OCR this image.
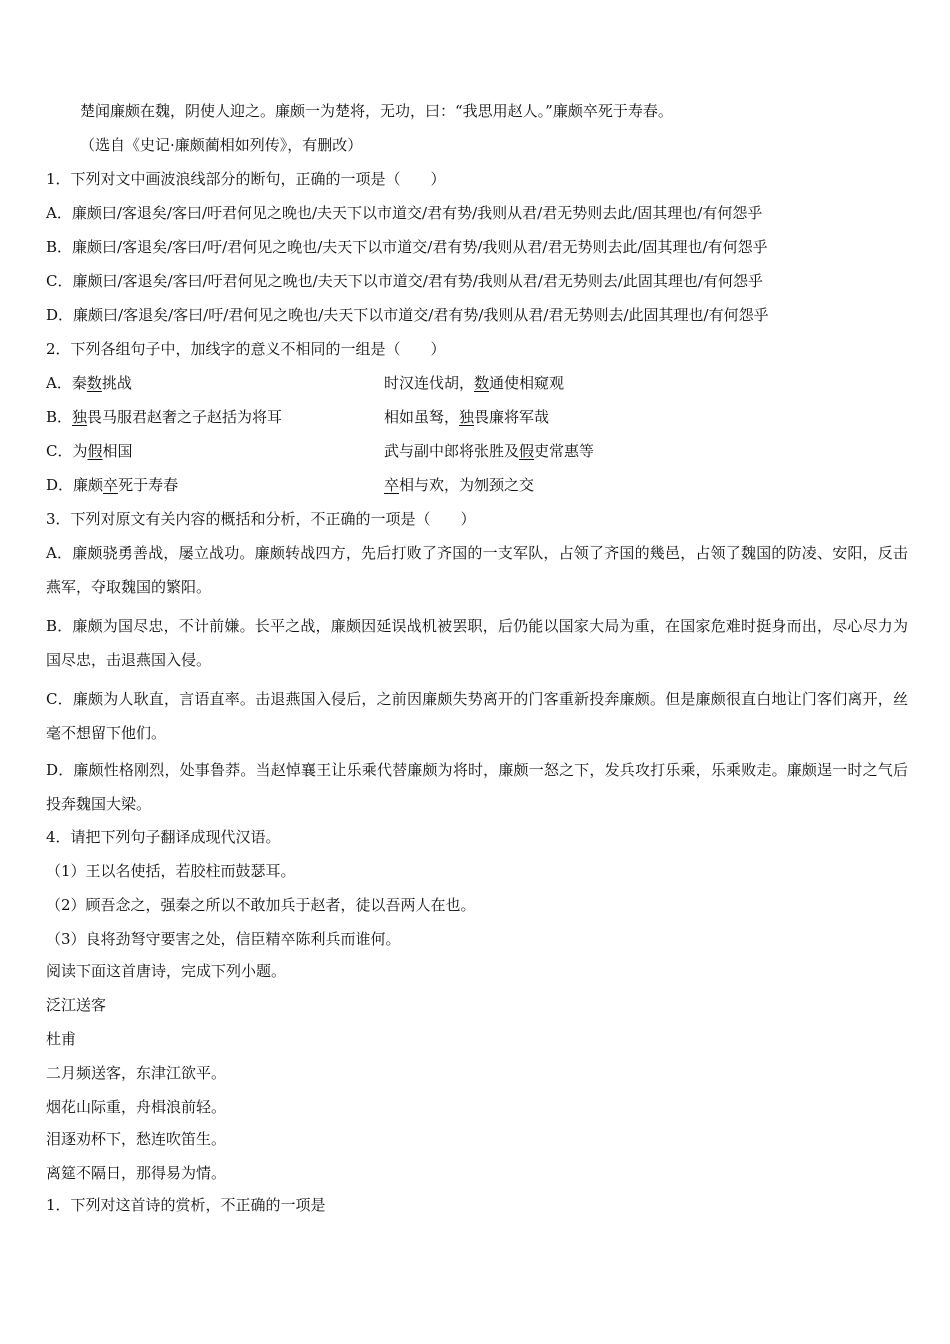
楚闻廉颇在魏，阴使人迎之。廉颇一为楚将，无功，曰：“我思用赵人。”廉颇卒死于寿春。
（选自《史记·廉颇蔺相如列传》，有删改）
1．下列对文中画波浪线部分的断句，正确的一项是（　　）
A．廉颇曰/客退矣/客曰/吁君何见之晚也/夫天下以市道交/君有势/我则从君/君无势则去此/固其理也/有何怨乎
B．廉颇曰/客退矣/客曰/吁/君何见之晚也/夫天下以市道交/君有势/我则从君/君无势则去此/固其理也/有何怨乎
C．廉颇曰/客退矣/客曰/吁君何见之晚也/夫天下以市道交/君有势/我则从君/君无势则去/此固其理也/有何怨乎
D．廉颇曰/客退矣/客曰/吁/君何见之晚也/夫天下以市道交/君有势/我则从君/君无势则去/此固其理也/有何怨乎
2．下列各组句子中，加线字的意义不相同的一组是（　　）
A．秦数挑战	时汉连伐胡，数通使相窥观
B．独畏马服君赵奢之子赵括为将耳	相如虽驽，独畏廉将军哉
C．为假相国	武与副中郎将张胜及假吏常惠等
D．廉颇卒死于寿春	卒相与欢，为刎颈之交
3．下列对原文有关内容的概括和分析，不正确的一项是（　　）
A．廉颇骁勇善战，屡立战功。廉颇转战四方，先后打败了齐国的一支军队，占领了齐国的幾邑，占领了魏国的防凌、安阳，反击燕军，夺取魏国的繁阳。
B．廉颇为国尽忠，不计前嫌。长平之战，廉颇因延误战机被罢职，后仍能以国家大局为重，在国家危难时挺身而出，尽心尽力为国尽忠，击退燕国入侵。
C．廉颇为人耿直，言语直率。击退燕国入侵后，之前因廉颇失势离开的门客重新投奔廉颇。但是廉颇很直白地让门客们离开，丝毫不想留下他们。
D．廉颇性格刚烈，处事鲁莽。当赵悼襄王让乐乘代替廉颇为将时，廉颇一怒之下，发兵攻打乐乘，乐乘败走。廉颇逞一时之气后投奔魏国大梁。
4．请把下列句子翻译成现代汉语。
（1）王以名使括，若胶柱而鼓瑟耳。
（2）顾吾念之，强秦之所以不敢加兵于赵者，徒以吾两人在也。
（3）良将劲弩守要害之处，信臣精卒陈利兵而谁何。
阅读下面这首唐诗，完成下列小题。
泛江送客
杜甫
二月频送客，东津江欲平。
烟花山际重，舟楫浪前轻。
泪逐劝杯下，愁连吹笛生。
离筵不隔日，那得易为情。
1．下列对这首诗的赏析，不正确的一项是
